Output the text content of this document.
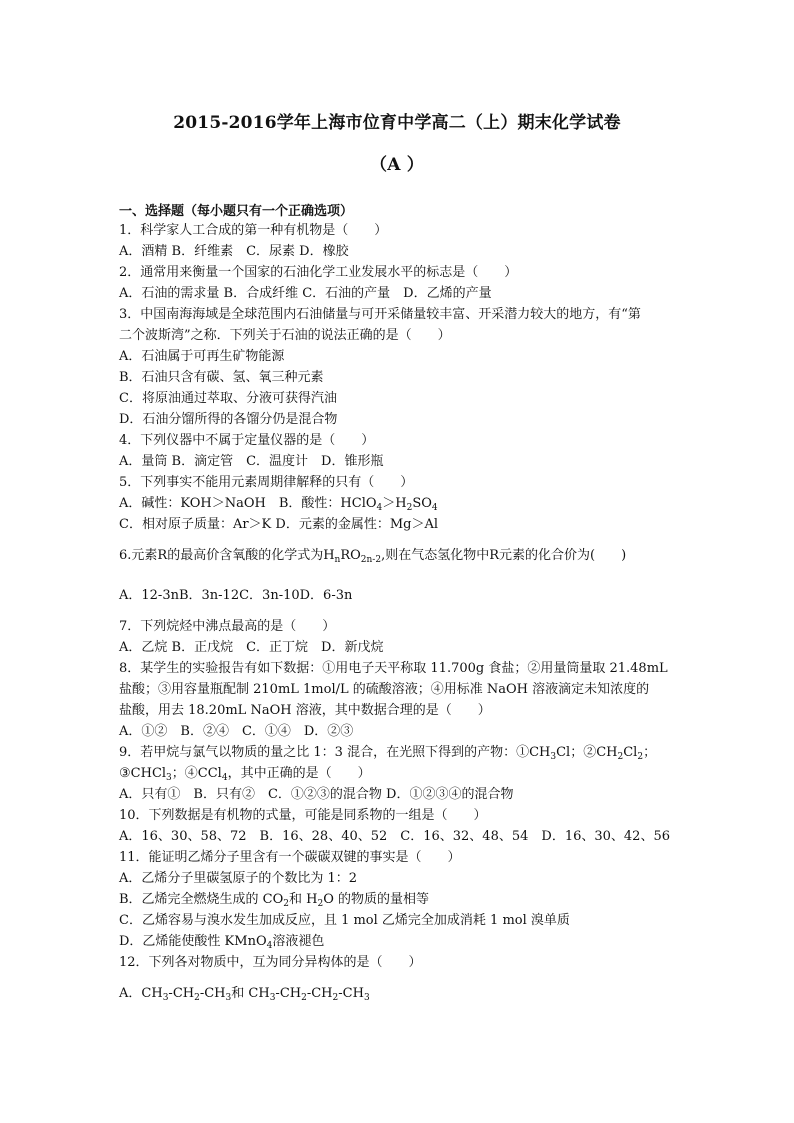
2015-2016学年上海市位育中学高二（上）期末化学试卷
（A ）
一、选择题（每小题只有一个正确选项）
1．科学家人工合成的第一种有机物是（　　）
A．酒精 B．纤维素　C．尿素 D．橡胶
2．通常用来衡量一个国家的石油化学工业发展水平的标志是（　　）
A．石油的需求量 B．合成纤维 C．石油的产量　D．乙烯的产量
3．中国南海海域是全球范围内石油储量与可开采储量较丰富、开采潜力较大的地方，有“第
二个波斯湾”之称．下列关于石油的说法正确的是（　　）
A．石油属于可再生矿物能源
B．石油只含有碳、氢、氧三种元素
C．将原油通过萃取、分液可获得汽油
D．石油分馏所得的各馏分仍是混合物
4．下列仪器中不属于定量仪器的是（　　）
A．量筒 B．滴定管　C．温度计　D．锥形瓶
5．下列事实不能用元素周期律解释的只有（　　）
A．碱性：KOH＞NaOH　B．酸性：$HClO_4>H_2SO_4$
C．相对原子质量：Ar＞K D．元素的金属性：Mg＞Al
6.元素R的最高价含氧酸的化学式为$H_nRO_{2n-2}$,则在气态氢化物中R元素的化合价为(　　)
A．12-3nB．3n-12C．3n-10D．6-3n
7．下列烷烃中沸点最高的是（　　）
A．乙烷 B．正戊烷　C．正丁烷　D．新戊烷
8．某学生的实验报告有如下数据：①用电子天平称取 11.700g 食盐；②用量筒量取 21.48mL
盐酸；③用容量瓶配制 210mL 1mol/L 的硫酸溶液；④用标准 NaOH 溶液滴定未知浓度的
盐酸，用去 18.20mL NaOH 溶液，其中数据合理的是（　　）
A．①②　B．②④　C．①④　D．②③
9．若甲烷与氯气以物质的量之比 1：3 混合，在光照下得到的产物：$①CH_3Cl$；$②CH_2Cl_2$；
③CHCl$_3$；④CCl$_4$，其中正确的是（　　）
A．只有①　B．只有②　C．①②③的混合物 D．①②③④的混合物
10．下列数据是有机物的式量，可能是同系物的一组是（　　）
A．16、30、58、72　B．16、28、40、52　C．16、32、48、54　D．16、30、42、56
11．能证明乙烯分子里含有一个碳碳双键的事实是（　　）
A．乙烯分子里碳氢原子的个数比为 1：2
B．乙烯完全燃烧生成的 $CO_2$和 $H_2O$ 的物质的量相等
C．乙烯容易与溴水发生加成反应，且 1 mol 乙烯完全加成消耗 1 mol 溴单质
D．乙烯能使酸性 KMnO$_4$溶液褪色
12．下列各对物质中，互为同分异构体的是（　　）
A．$CH_3-CH_2-CH_3$和 $CH_3-CH_2-CH_2-CH_3$
